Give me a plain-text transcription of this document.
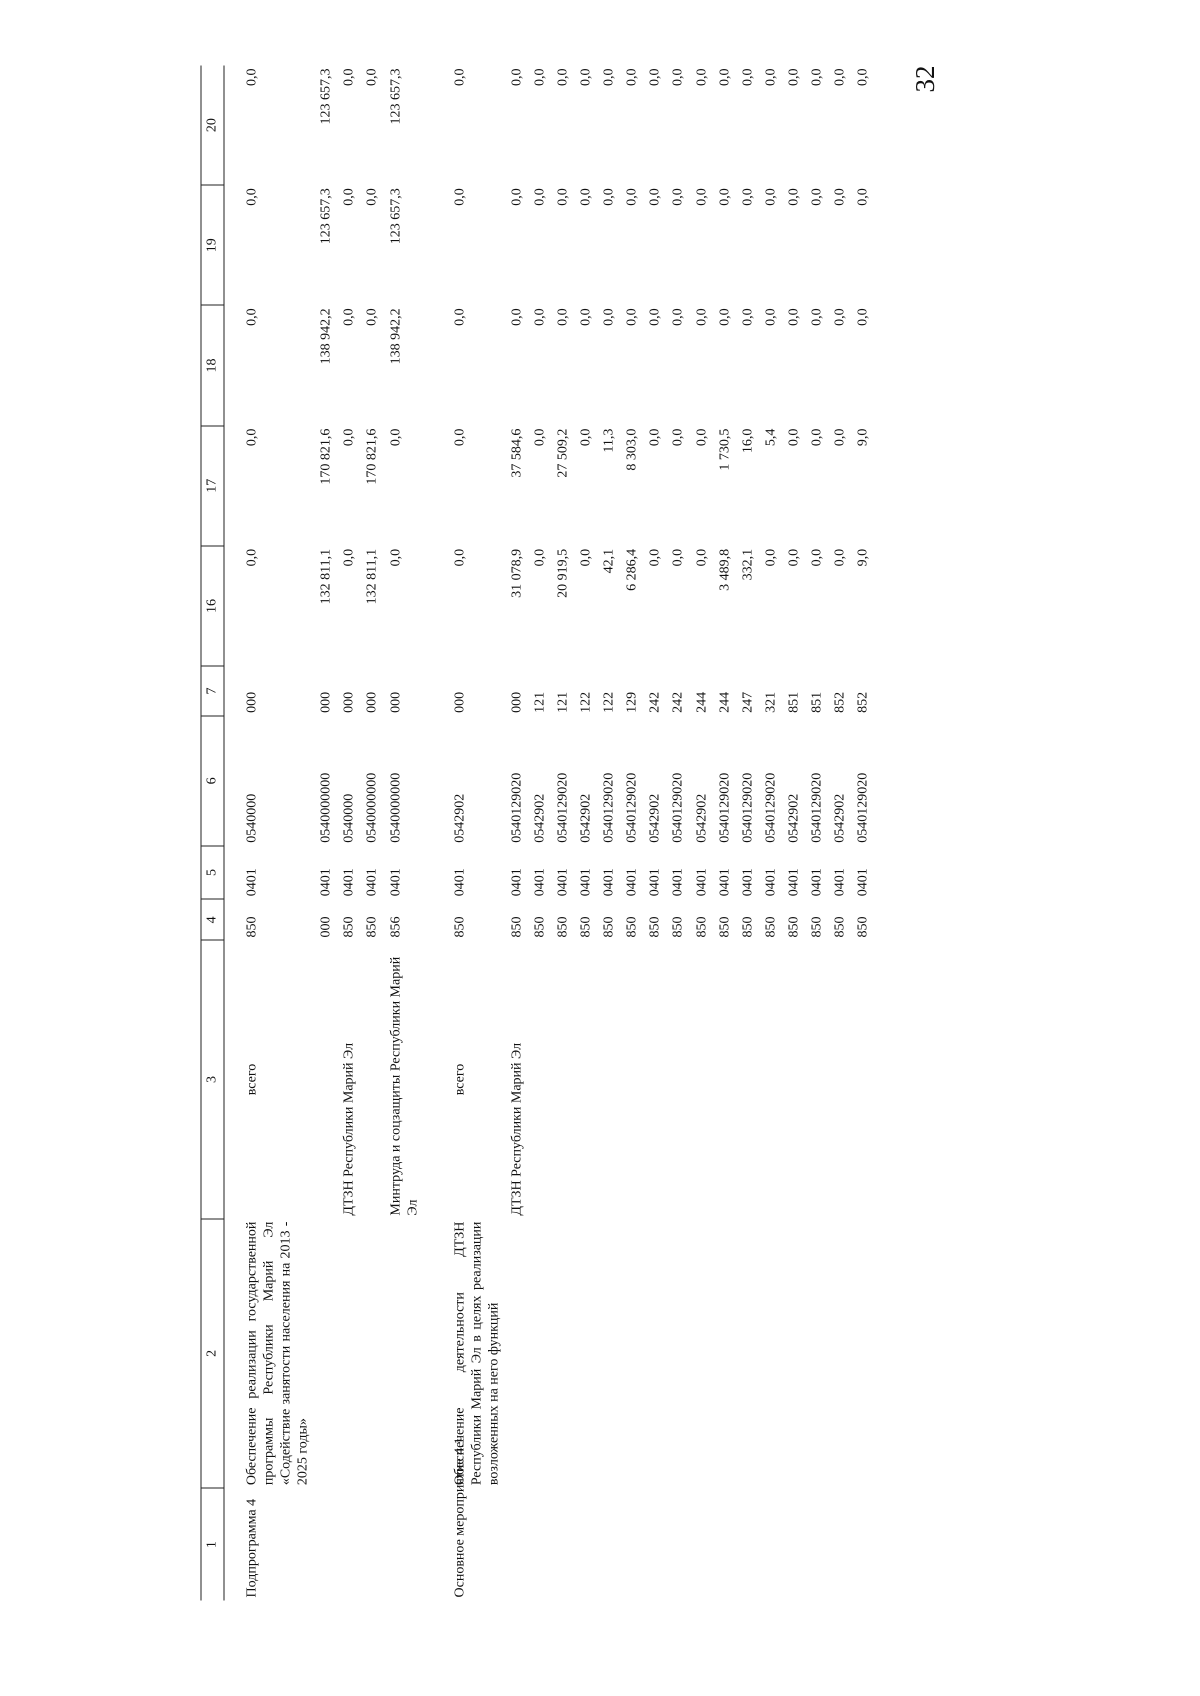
32
1	2	3	4	5	6	7	16	17	18	19	20

Подпрограмма 4	Обеспечение реализации государственной программы Республики Марий Эл «Содействие занятости населения на 2013 - 2025 годы»	всего	850	0401	0540000	000	0,0	0,0	0,0	0,0	0,0
			000	0401	0540000000	000	132 811,1	170 821,6	138 942,2	123 657,3	123 657,3
		ДТЗН Республики Марий Эл	850	0401	0540000	000	0,0	0,0	0,0	0,0	0,0
			850	0401	0540000000	000	132 811,1	170 821,6	0,0	0,0	0,0
		Минтруда и соцзащиты Республики Марий Эл	856	0401	0540000000	000	0,0	0,0	138 942,2	123 657,3	123 657,3

Основное мероприятие 4.1	Обеспечение деятельности ДТЗН Республики Марий Эл в целях реализации возложенных на него функций	всего	850	0401	0542902	000	0,0	0,0	0,0	0,0	0,0
		ДТЗН Республики Марий Эл	850	0401	0540129020	000	31 078,9	37 584,6	0,0	0,0	0,0
			850	0401	0542902	121	0,0	0,0	0,0	0,0	0,0
			850	0401	0540129020	121	20 919,5	27 509,2	0,0	0,0	0,0
			850	0401	0542902	122	0,0	0,0	0,0	0,0	0,0
			850	0401	0540129020	122	42,1	11,3	0,0	0,0	0,0
			850	0401	0540129020	129	6 286,4	8 303,0	0,0	0,0	0,0
			850	0401	0542902	242	0,0	0,0	0,0	0,0	0,0
			850	0401	0540129020	242	0,0	0,0	0,0	0,0	0,0
			850	0401	0542902	244	0,0	0,0	0,0	0,0	0,0
			850	0401	0540129020	244	3 489,8	1 730,5	0,0	0,0	0,0
			850	0401	0540129020	247	332,1	16,0	0,0	0,0	0,0
			850	0401	0540129020	321	0,0	5,4	0,0	0,0	0,0
			850	0401	0542902	851	0,0	0,0	0,0	0,0	0,0
			850	0401	0540129020	851	0,0	0,0	0,0	0,0	0,0
			850	0401	0542902	852	0,0	0,0	0,0	0,0	0,0
			850	0401	0540129020	852	9,0	9,0	0,0	0,0	0,0
